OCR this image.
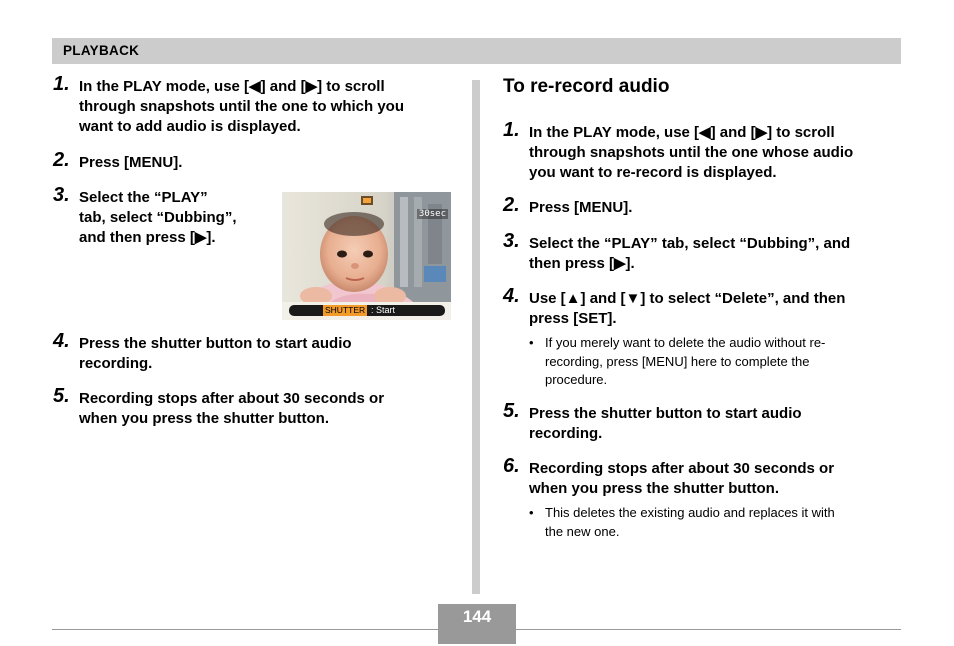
PLAYBACK
1. In the PLAY mode, use [◀] and [▶] to scroll
through snapshots until the one to which you
want to add audio is displayed.
2. Press [MENU].
3. Select the “PLAY”
tab, select “Dubbing”,
and then press [▶].
30sec
SHUTTER : Start
4. Press the shutter button to start audio
recording.
5. Recording stops after about 30 seconds or
when you press the shutter button.
To re-record audio
1. In the PLAY mode, use [◀] and [▶] to scroll
through snapshots until the one whose audio
you want to re-record is displayed.
2. Press [MENU].
3. Select the “PLAY” tab, select “Dubbing”, and
then press [▶].
4. Use [▲] and [▼] to select “Delete”, and then
press [SET].
• If you merely want to delete the audio without re-
recording, press [MENU] here to complete the
procedure.
5. Press the shutter button to start audio
recording.
6. Recording stops after about 30 seconds or
when you press the shutter button.
• This deletes the existing audio and replaces it with
the new one.
144
